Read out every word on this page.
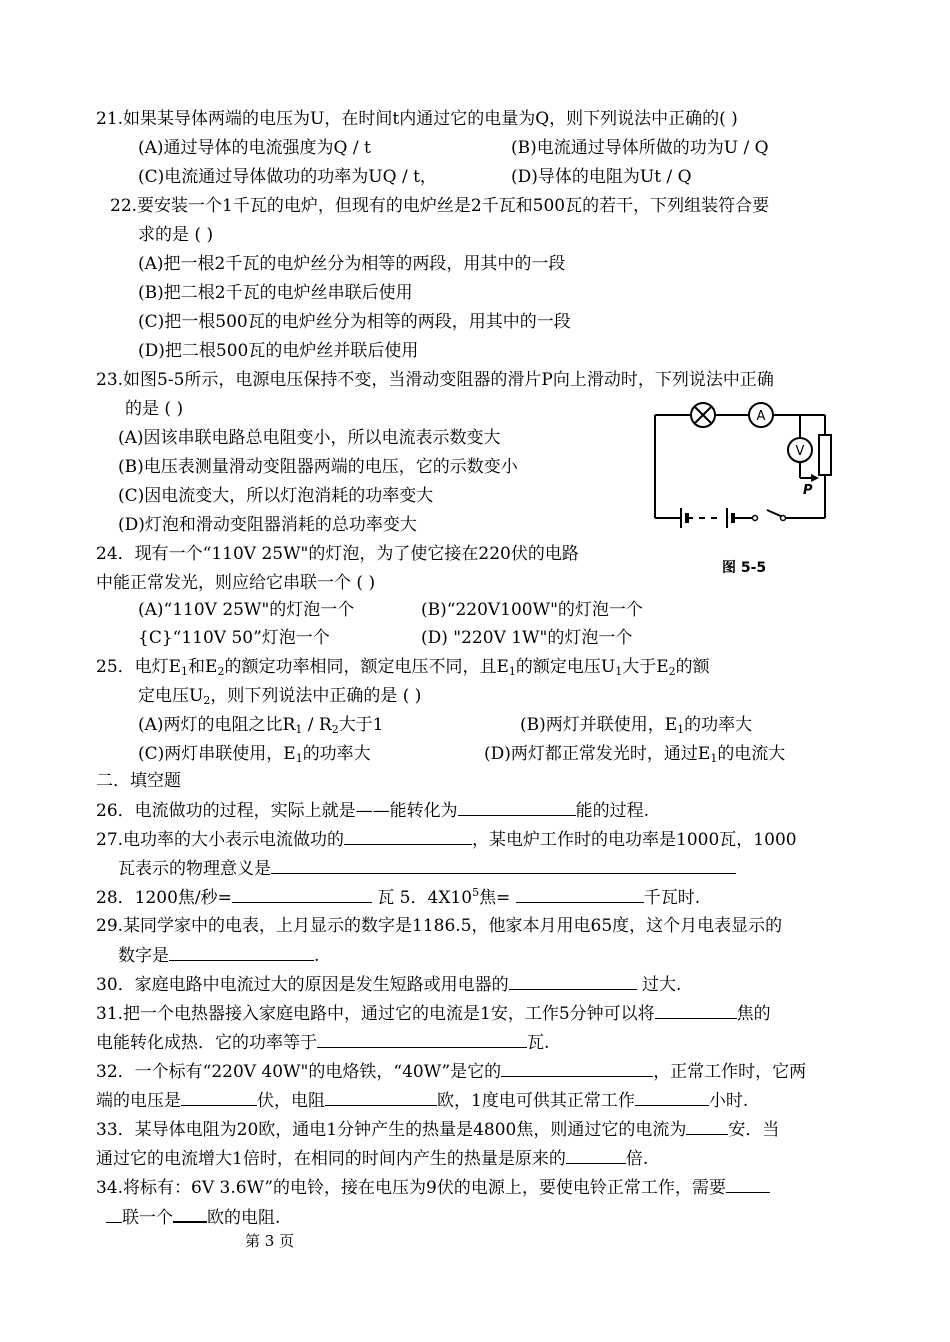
21.如果某导体两端的电压为U，在时间t内通过它的电量为Q，则下列说法中正确的( )
(A)通过导体的电流强度为Q / t	(B)电流通过导体所做的功为U / Q
(C)电流通过导体做功的功率为UQ / t，	(D)导体的电阻为Ut / Q
22.要安装一个1千瓦的电炉，但现有的电炉丝是2千瓦和500瓦的若干，下列组装符合要
求的是 ( )
(A)把一根2千瓦的电炉丝分为相等的两段，用其中的一段
(B)把二根2千瓦的电炉丝串联后使用
(C)把一根500瓦的电炉丝分为相等的两段，用其中的一段
(D)把二根500瓦的电炉丝并联后使用
23.如图5-5所示，电源电压保持不变，当滑动变阻器的滑片P向上滑动时，下列说法中正确
的是 ( )
(A)因该串联电路总电阻变小，所以电流表示数变大
(B)电压表测量滑动变阻器两端的电压，它的示数变小
(C)因电流变大，所以灯泡消耗的功率变大
(D)灯泡和滑动变阻器消耗的总功率变大
A
V
P
图 5-5
24．现有一个“110V 25W"的灯泡，为了使它接在220伏的电路
中能正常发光，则应给它串联一个 ( )
(A)“110V 25W"的灯泡一个	(B)“220V100W"的灯泡一个
{C}“110V 50”灯泡一个	(D) "220V 1W"的灯泡一个
25．电灯$E_1$和$E_2$的额定功率相同，额定电压不同，且$E_1$的额定电压$U_1$大于$E_2$的额
定电压$U_2$，则下列说法中正确的是 ( )
(A)两灯的电阻之比$R_1 / R_2$大于1	(B)两灯并联使用，$E_1$的功率大
(C)两灯串联使用，$E_1$的功率大	(D)两灯都正常发光时，通过$E_1$的电流大
二．填空题
26．电流做功的过程，实际上就是——能转化为	能的过程.
27.电功率的大小表示电流做功的	，某电炉工作时的电功率是1000瓦，1000
瓦表示的物理意义是
28．1200焦/秒=	瓦 5．$4X10^5$焦=	千瓦时.
29.某同学家中的电表，上月显示的数字是1186.5，他家本月用电65度，这个月电表显示的
数字是	.
30．家庭电路中电流过大的原因是发生短路或用电器的	过大.
31.把一个电热器接入家庭电路中，通过它的电流是1安，工作5分钟可以将	焦的
电能转化成热．它的功率等于	瓦.
32．一个标有“220V 40W"的电烙铁，“40W”是它的	，正常工作时，它两
端的电压是	伏，电阻	欧，1度电可供其正常工作	小时.
33．某导体电阻为20欧，通电1分钟产生的热量是4800焦，则通过它的电流为 安．当
通过它的电流增大1倍时，在相同的时间内产生的热量是原来的	倍.
34.将标有：6V 3.6W”的电铃，接在电压为9伏的电源上，要使电铃正常工作，需要
联一个 欧的电阻.
第 3 页
